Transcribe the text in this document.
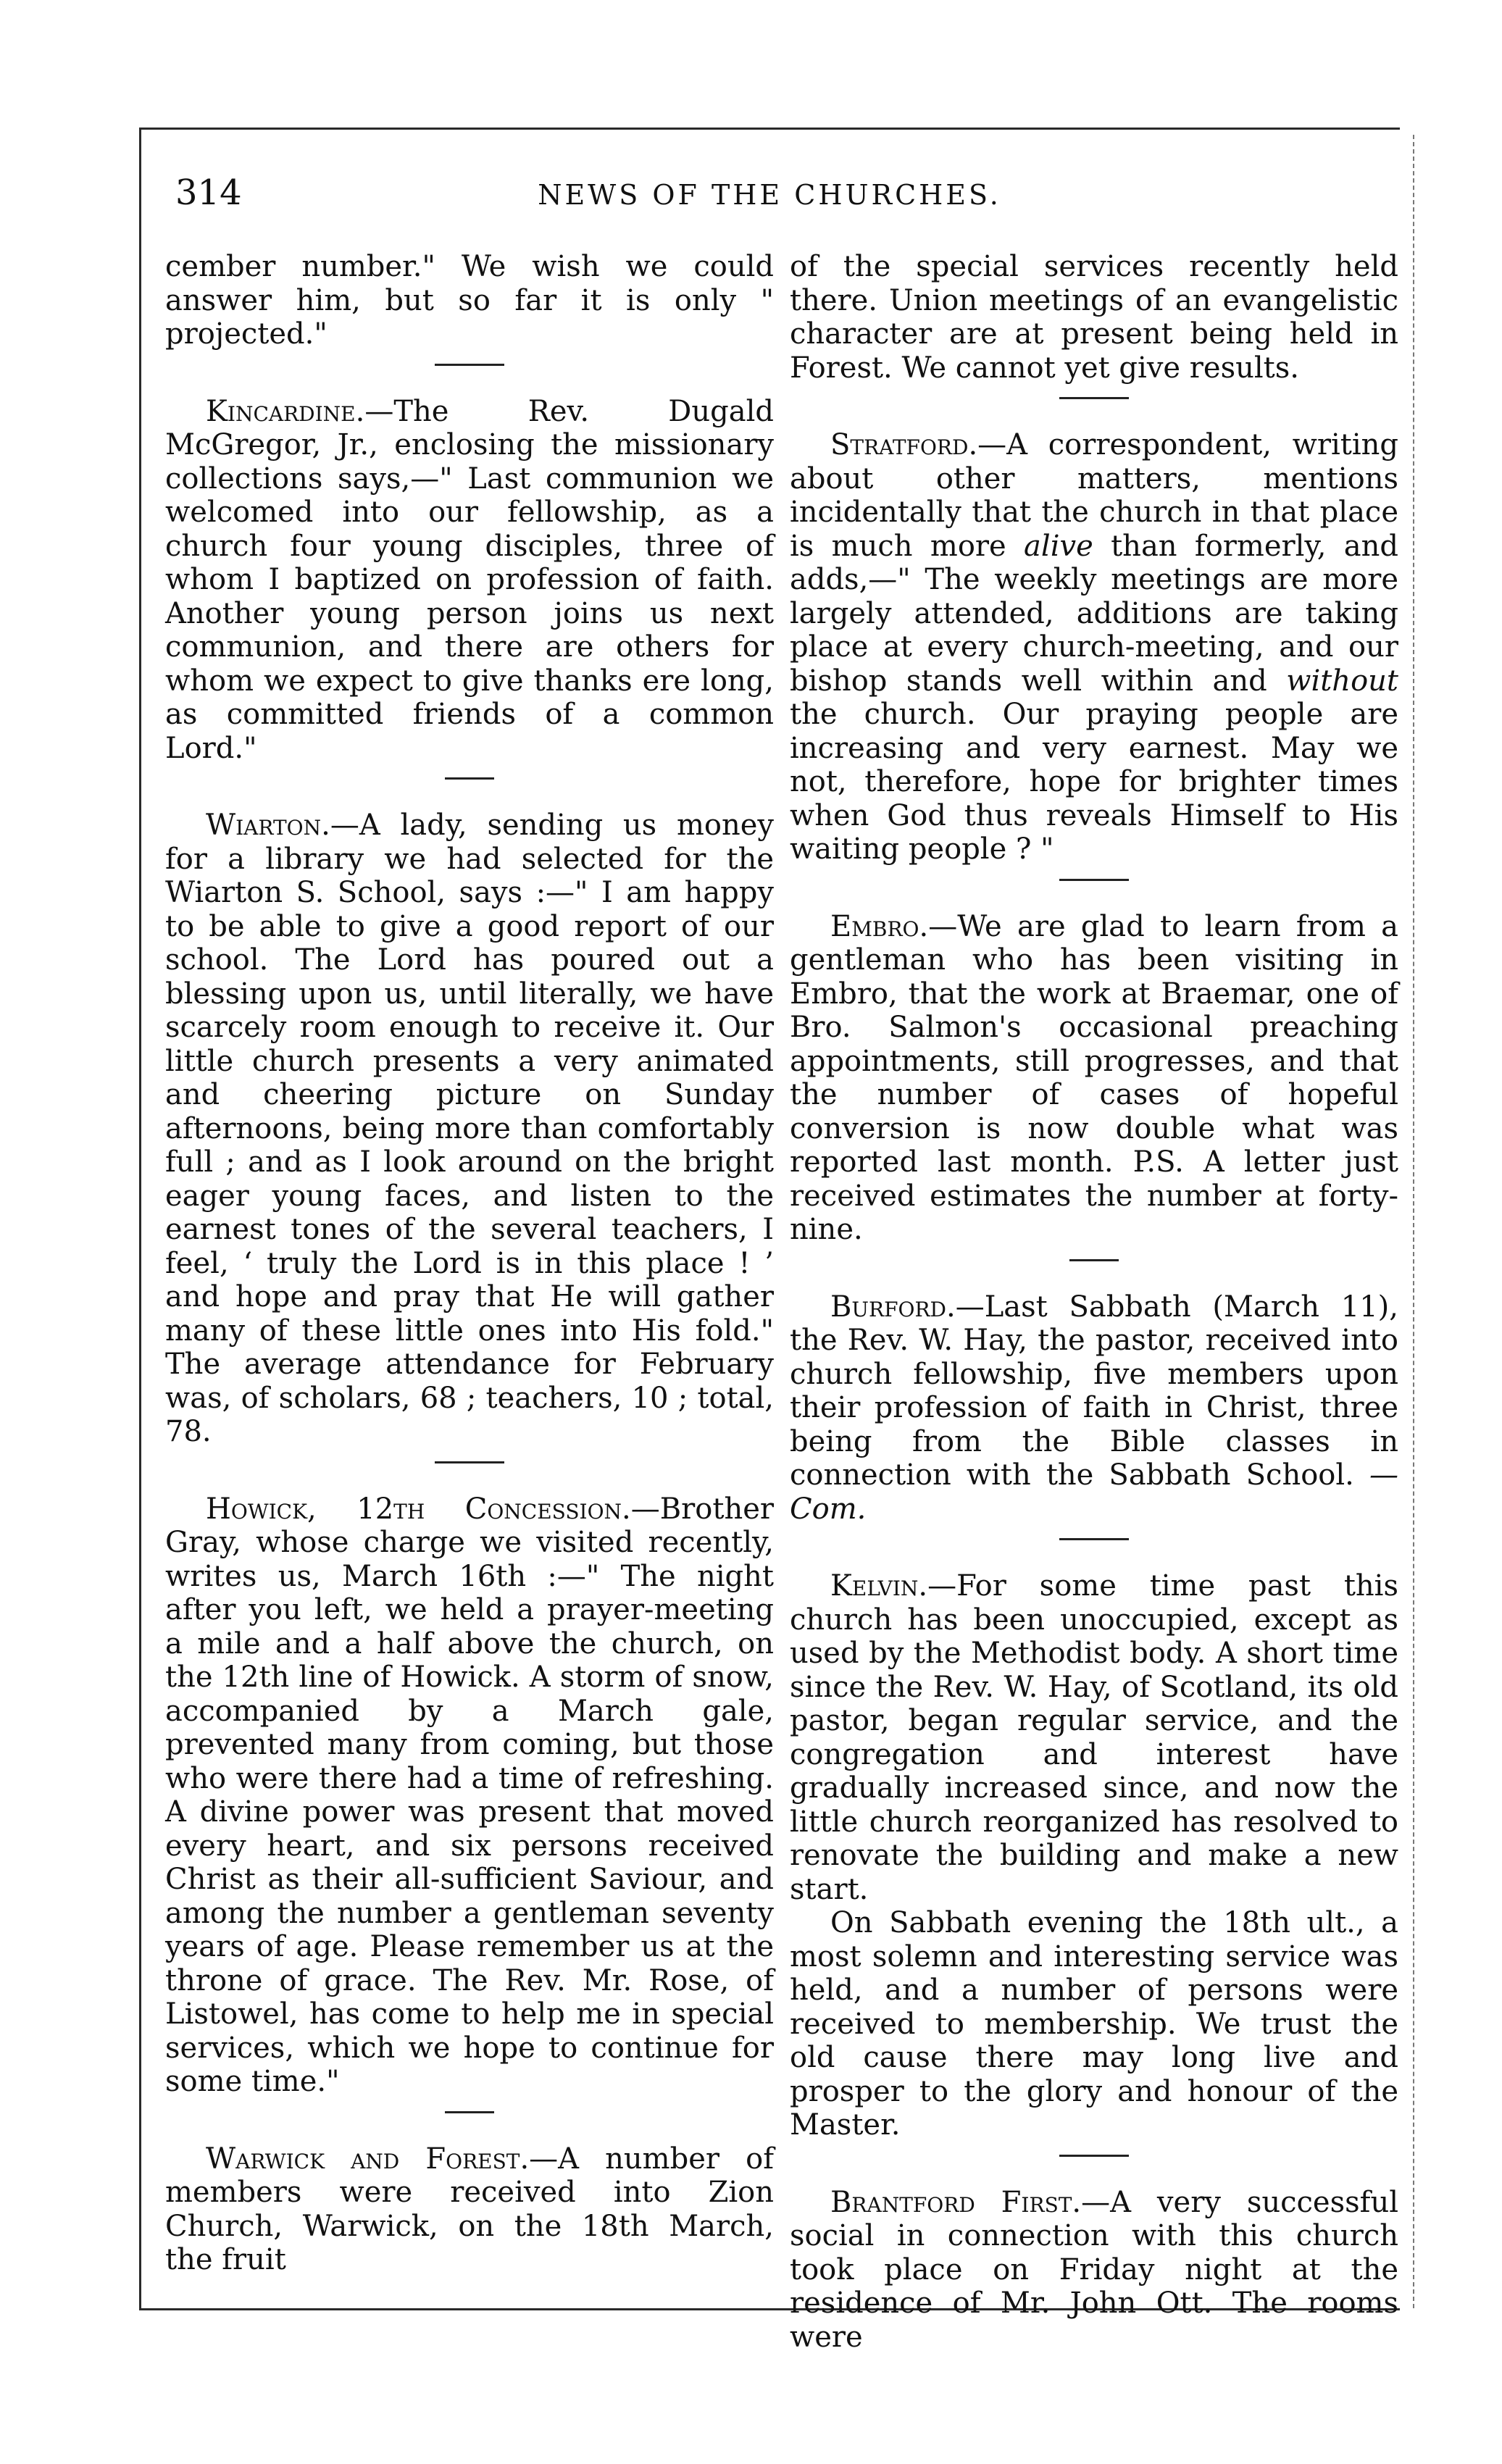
314	NEWS OF THE CHURCHES.

cember number." We wish we could answer him, but so far it is only " projected."

Kincardine.—The Rev. Dugald McGregor, Jr., enclosing the missionary collections says,—" Last communion we welcomed into our fellowship, as a church four young disciples, three of whom I baptized on profession of faith. Another young person joins us next communion, and there are others for whom we expect to give thanks ere long, as committed friends of a common Lord."

Wiarton.—A lady, sending us money for a library we had selected for the Wiarton S. School, says :—" I am happy to be able to give a good report of our school. The Lord has poured out a blessing upon us, until literally, we have scarcely room enough to receive it. Our little church presents a very animated and cheering picture on Sunday afternoons, being more than comfortably full ; and as I look around on the bright eager young faces, and listen to the earnest tones of the several teachers, I feel, ‘ truly the Lord is in this place ! ’ and hope and pray that He will gather many of these little ones into His fold." The average attendance for February was, of scholars, 68 ; teachers, 10 ; total, 78.

Howick, 12th Concession.—Brother Gray, whose charge we visited recently, writes us, March 16th :—" The night after you left, we held a prayer-meeting a mile and a half above the church, on the 12th line of Howick. A storm of snow, accompanied by a March gale, prevented many from coming, but those who were there had a time of refreshing. A divine power was present that moved every heart, and six persons received Christ as their all-sufficient Saviour, and among the number a gentleman seventy years of age. Please remember us at the throne of grace. The Rev. Mr. Rose, of Listowel, has come to help me in special services, which we hope to continue for some time."

Warwick and Forest.—A number of members were received into Zion Church, Warwick, on the 18th March, the fruit

of the special services recently held there. Union meetings of an evangelistic character are at present being held in Forest. We cannot yet give results.

Stratford.—A correspondent, writing about other matters, mentions incidentally that the church in that place is much more alive than formerly, and adds,—" The weekly meetings are more largely attended, additions are taking place at every church-meeting, and our bishop stands well within and without the church. Our praying people are increasing and very earnest. May we not, therefore, hope for brighter times when God thus reveals Himself to His waiting people ? "

Embro.—We are glad to learn from a gentleman who has been visiting in Embro, that the work at Braemar, one of Bro. Salmon's occasional preaching appointments, still progresses, and that the number of cases of hopeful conversion is now double what was reported last month. P.S. A letter just received estimates the number at forty-nine.

Burford.—Last Sabbath (March 11), the Rev. W. Hay, the pastor, received into church fellowship, five members upon their profession of faith in Christ, three being from the Bible classes in connection with the Sabbath School. —Com.

Kelvin.—For some time past this church has been unoccupied, except as used by the Methodist body. A short time since the Rev. W. Hay, of Scotland, its old pastor, began regular service, and the congregation and interest have gradually increased since, and now the little church reorganized has resolved to renovate the building and make a new start.

On Sabbath evening the 18th ult., a most solemn and interesting service was held, and a number of persons were received to membership. We trust the old cause there may long live and prosper to the glory and honour of the Master.

Brantford First.—A very successful social in connection with this church took place on Friday night at the residence of Mr. John Ott. The rooms were
